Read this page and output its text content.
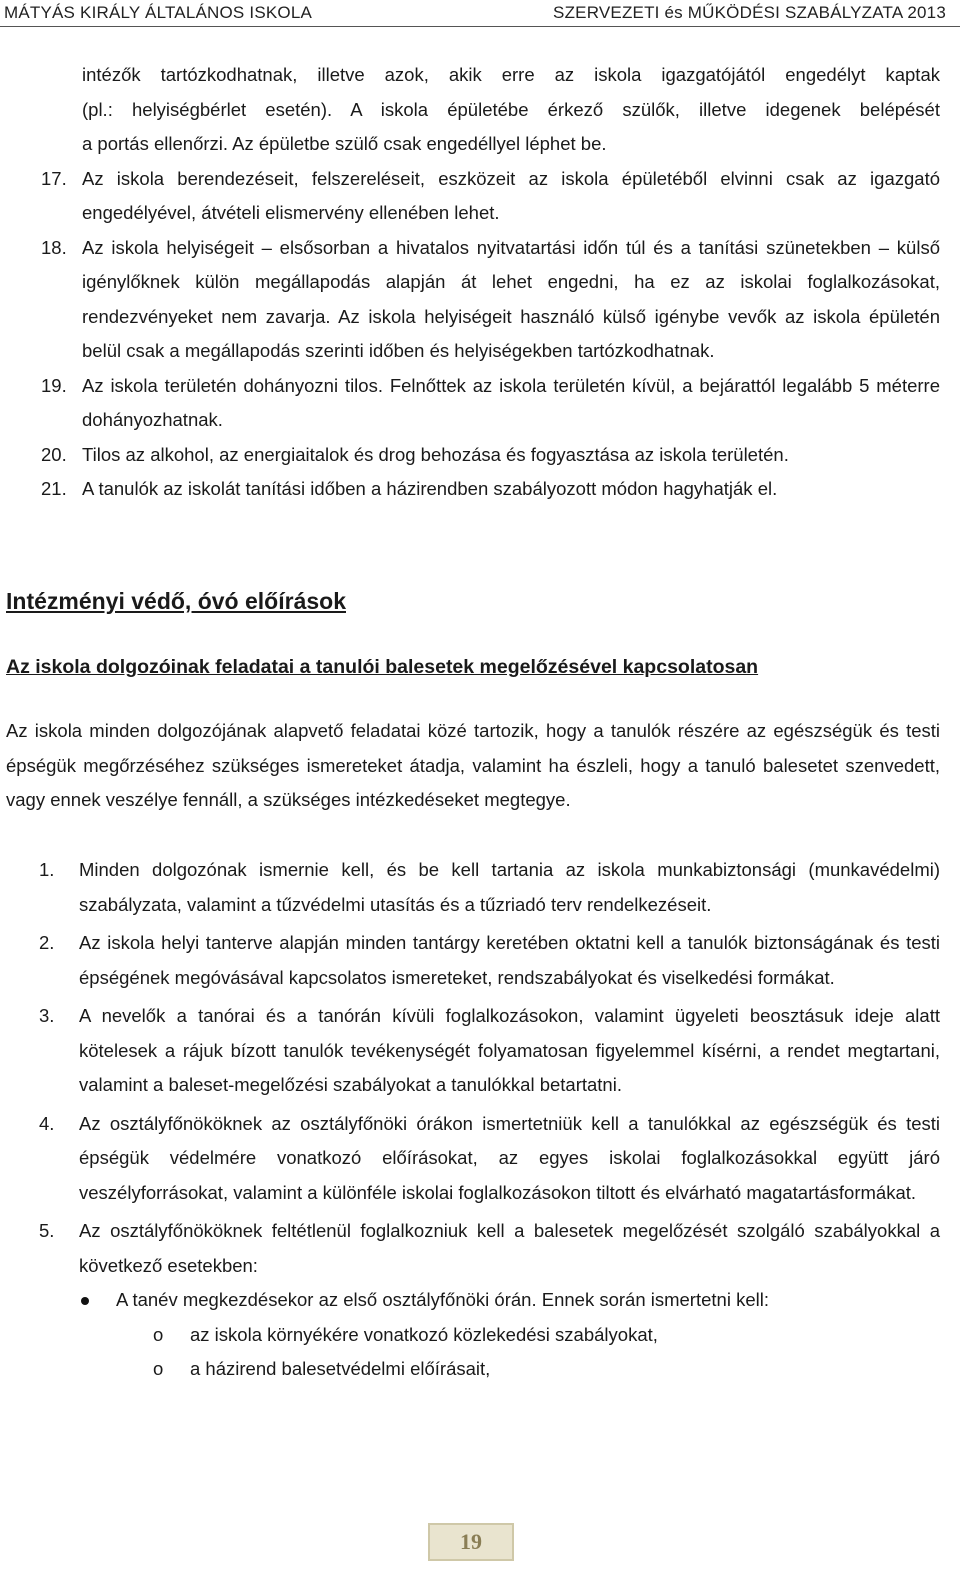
MÁTYÁS KIRÁLY ÁLTALÁNOS ISKOLA	SZERVEZETI és MŰKÖDÉSI SZABÁLYZATA 2013

intézők tartózkodhatnak, illetve azok, akik erre az iskola igazgatójától engedélyt kaptak

(pl.: helyiségbérlet esetén). A iskola épületébe érkező szülők, illetve idegenek belépését

a portás ellenőrzi. Az épületbe szülő csak engedéllyel léphet be.

17. Az iskola berendezéseit, felszereléseit, eszközeit az iskola épületéből elvinni csak az igazgató engedélyével, átvételi elismervény ellenében lehet.

18. Az iskola helyiségeit – elsősorban a hivatalos nyitvatartási időn túl és a tanítási szünetekben – külső igénylőknek külön megállapodás alapján át lehet engedni, ha ez az iskolai foglalkozásokat, rendezvényeket nem zavarja. Az iskola helyiségeit használó külső igénybe vevők az iskola épületén belül csak a megállapodás szerinti időben és helyiségekben tartózkodhatnak.

19. Az iskola területén dohányozni tilos. Felnőttek az iskola területén kívül, a bejárattól legalább 5 méterre dohányozhatnak.

20. Tilos az alkohol, az energiaitalok és drog behozása és fogyasztása az iskola területén.

21. A tanulók az iskolát tanítási időben a házirendben szabályozott módon hagyhatják el.

Intézményi védő, óvó előírások
Az iskola dolgozóinak feladatai a tanulói balesetek megelőzésével kapcsolatosan

Az iskola minden dolgozójának alapvető feladatai közé tartozik, hogy a tanulók részére az egészségük és testi épségük megőrzéséhez szükséges ismereteket átadja, valamint ha észleli, hogy a tanuló balesetet szenvedett, vagy ennek veszélye fennáll, a szükséges intézkedéseket megtegye.

1. Minden dolgozónak ismernie kell, és be kell tartania az iskola munkabiztonsági (munkavédelmi) szabályzata, valamint a tűzvédelmi utasítás és a tűzriadó terv rendelkezéseit.

2. Az iskola helyi tanterve alapján minden tantárgy keretében oktatni kell a tanulók biztonságának és testi épségének megóvásával kapcsolatos ismereteket, rendszabályokat és viselkedési formákat.

3. A nevelők a tanórai és a tanórán kívüli foglalkozásokon, valamint ügyeleti beosztásuk ideje alatt kötelesek a rájuk bízott tanulók tevékenységét folyamatosan figyelemmel kísérni, a rendet megtartani, valamint a baleset-megelőzési szabályokat a tanulókkal betartatni.

4. Az osztályfőnököknek az osztályfőnöki órákon ismertetniük kell a tanulókkal az egészségük és testi épségük védelmére vonatkozó előírásokat, az egyes iskolai foglalkozásokkal együtt járó veszélyforrásokat, valamint a különféle iskolai foglalkozásokon tiltott és elvárható magatartásformákat.

5. Az osztályfőnököknek feltétlenül foglalkozniuk kell a balesetek megelőzését szolgáló szabályokkal a következő esetekben:

A tanév megkezdésekor az első osztályfőnöki órán. Ennek során ismertetni kell:
o az iskola környékére vonatkozó közlekedési szabályokat,
o a házirend balesetvédelmi előírásait,
19
